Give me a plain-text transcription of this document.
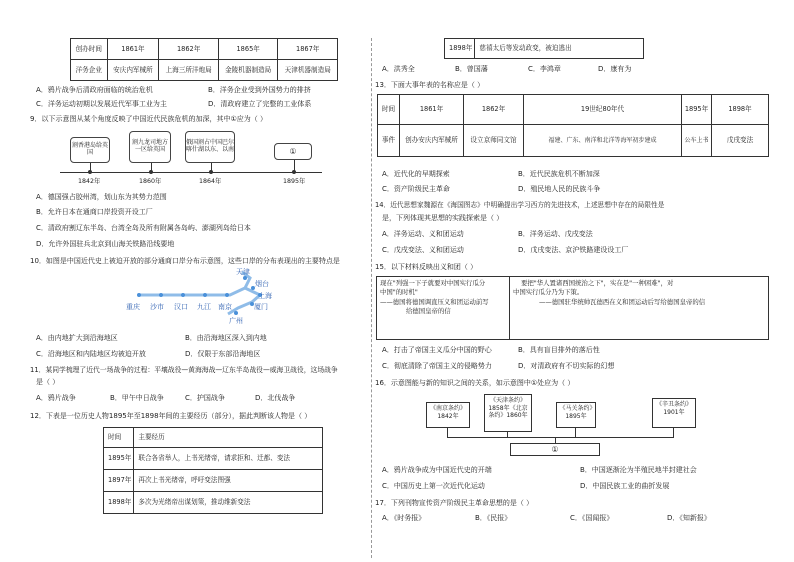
创办时间	1861年	1862年	1865年	1867年
洋务企业	安庆内军械所	上海三所洋炮局	金陵机器制造局	天津机器制造局
A．鸦片战争后清政府面临的统治危机	B．洋务企业受到外国势力的排挤
C．洋务运动初期以发展近代军事工业为主	D．清政府建立了完整的工业体系
9．以下示意图从某个角度反映了中国近代民族危机的加深，其中①应为（ ）
割香港岛给英国
割九龙司地方一区给英国
俄国割占中国巴尔喀什湖以东、以南	①
1842年	1860年	1864年	1895年
A．德国强占胶州湾，划山东为其势力范围
B．允许日本在通商口岸投资开设工厂
C．清政府割辽东半岛、台湾全岛及所有附属各岛屿、澎湖列岛给日本
D．允许外国驻兵北京到山海关铁路沿线要地
10．如图是中国近代史上被迫开放的部分通商口岸分布示意图，这些口岸的分布表现出的主要特点是
天津
烟台
上海
重庆 沙市 汉口 九江 南京	厦门
广州
A．由内地扩大到沿海地区	B．由沿海地区深入到内地
C．沿海地区和内陆地区均被迫开放	D．仅限于东部沿海地区
11．某同学梳理了近代一场战争的过程：平壤战役—黄海海战—辽东半岛战役—威海卫战役，这场战争
是（ ）
A．鸦片战争	B．甲午中日战争	C．护国战争	D．北伐战争
12．下表是一位历史人物1895年至1898年间的主要经历（部分），据此判断该人物是（ ）
时间	主要经历
1895年	联合各省举人，上书光绪帝，请求拒和、迁都、变法
1897年	再次上书光绪帝，呼吁变法图强
1898年	多次为光绪帝出谋划策，推动维新变法
1898年	慈禧太后等发动政变，被迫逃出
A．洪秀全	B．曾国藩	C．李鸿章	D．康有为
13．下面大事年表的名称应是（ ）
时间	1861年	1862年	19世纪80年代	1895年	1898年
事件	创办安庆内军械所	设立京师同文馆	福建、广东、南洋和北洋等海军初步建成	公车上书	戊戌变法
A．近代化的早期探索	B．近代民族危机不断加深
C．资产阶级民主革命	D．殖民地人民的民族斗争
14．近代思想家魏源在《海国图志》中明确提出学习西方的先进技术，上述思想中存在的局限性是
是，下列体现其思想的实践探索是（ ）
A．洋务运动、义和团运动	B．洋务运动、戊戌变法
C．戊戌变法、义和团运动	D．戊戌变法、京沪铁路建设设工厂
15．以下材料反映出义和团（ ）
现在"列强一下子就要对中国实行瓜分
中国"的时机"
——德国将德国调直压义和团运动前写
给德国皇帝的信
要把"华人置诸西国统治之下"，实在是"一种困难"，对
中国实行瓜分乃为下策。
——德国驻华统帅瓦德西在义和团运动后写给德国皇帝的信
A．打击了帝国主义瓜分中国的野心	B．具有盲目排外的落后性
C．彻底清除了帝国主义的侵略势力	D．对清政府有不切实际的幻想
16．示意图能与新的知识之间的关系，如示意图中①处应为（ ）
《南京条约》1842年
《天津条约》1858年《北京条约》1860年
《马关条约》1895年
《辛丑条约》1901年
①
A．鸦片战争成为中国近代史的开端	B．中国逐渐沦为半殖民地半封建社会
C．中国历史上第一次近代化运动	D．中国民族工业的曲折发展
17．下列刊物宣传资产阶级民主革命思想的是（ ）
A．《时务报》	B．《民报》	C．《国闻报》	D．《知新报》
